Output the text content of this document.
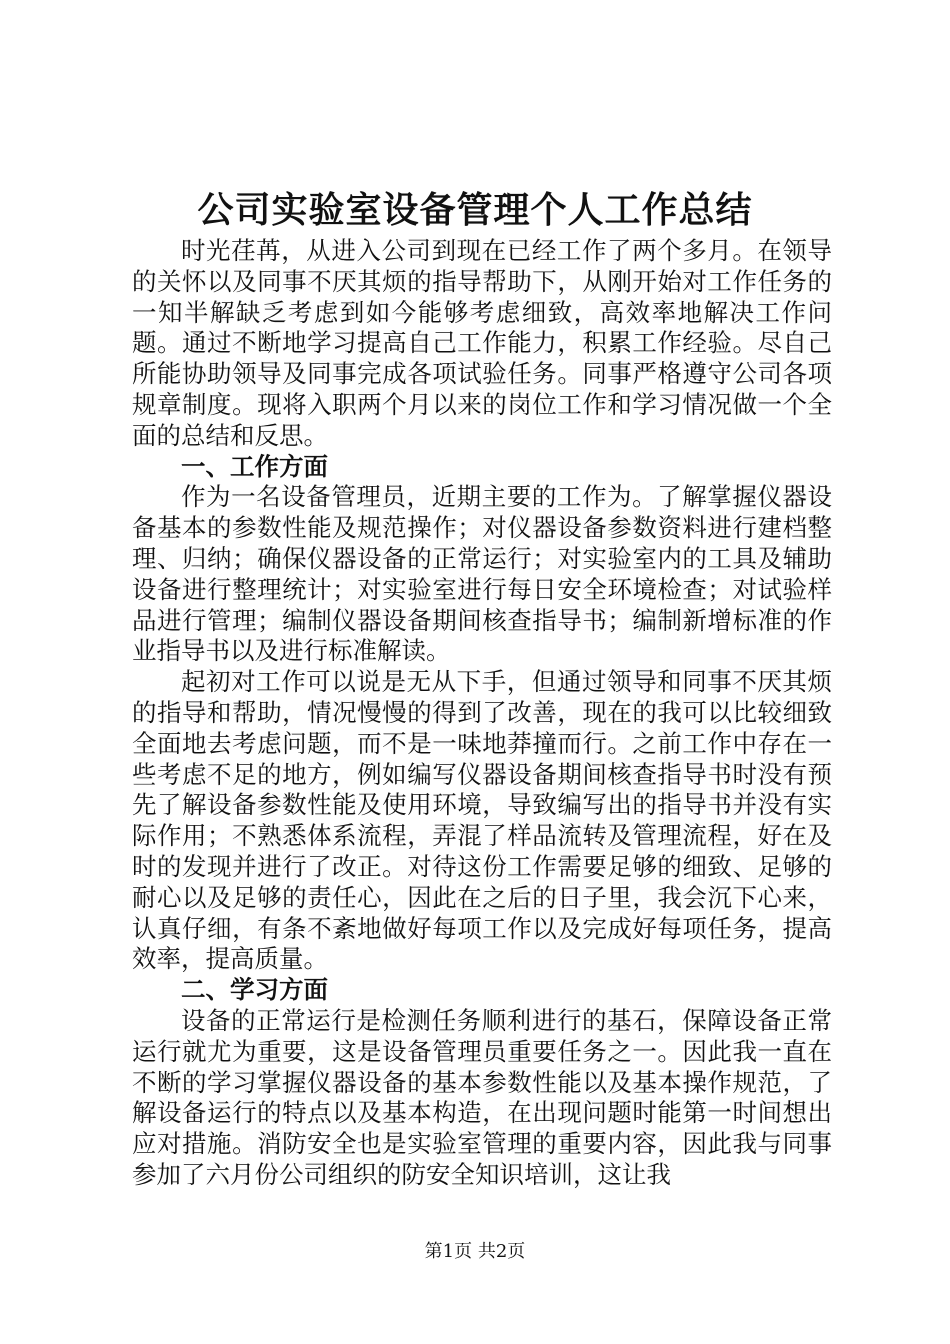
公司实验室设备管理个人工作总结

时光荏苒，从进入公司到现在已经工作了两个多月。在领导的关怀以及同事不厌其烦的指导帮助下，从刚开始对工作任务的一知半解缺乏考虑到如今能够考虑细致，高效率地解决工作问题。通过不断地学习提高自己工作能力，积累工作经验。尽自己所能协助领导及同事完成各项试验任务。同事严格遵守公司各项规章制度。现将入职两个月以来的岗位工作和学习情况做一个全面的总结和反思。

一、工作方面

作为一名设备管理员，近期主要的工作为。了解掌握仪器设备基本的参数性能及规范操作；对仪器设备参数资料进行建档整理、归纳；确保仪器设备的正常运行；对实验室内的工具及辅助设备进行整理统计；对实验室进行每日安全环境检查；对试验样品进行管理；编制仪器设备期间核查指导书；编制新增标准的作业指导书以及进行标准解读。

起初对工作可以说是无从下手，但通过领导和同事不厌其烦的指导和帮助，情况慢慢的得到了改善，现在的我可以比较细致全面地去考虑问题，而不是一味地莽撞而行。之前工作中存在一些考虑不足的地方，例如编写仪器设备期间核查指导书时没有预先了解设备参数性能及使用环境，导致编写出的指导书并没有实际作用；不熟悉体系流程，弄混了样品流转及管理流程，好在及时的发现并进行了改正。对待这份工作需要足够的细致、足够的耐心以及足够的责任心，因此在之后的日子里，我会沉下心来，认真仔细，有条不紊地做好每项工作以及完成好每项任务，提高效率，提高质量。

二、学习方面

设备的正常运行是检测任务顺利进行的基石，保障设备正常运行就尤为重要，这是设备管理员重要任务之一。因此我一直在不断的学习掌握仪器设备的基本参数性能以及基本操作规范，了解设备运行的特点以及基本构造，在出现问题时能第一时间想出应对措施。消防安全也是实验室管理的重要内容，因此我与同事参加了六月份公司组织的防安全知识培训，这让我

第1页 共2页
